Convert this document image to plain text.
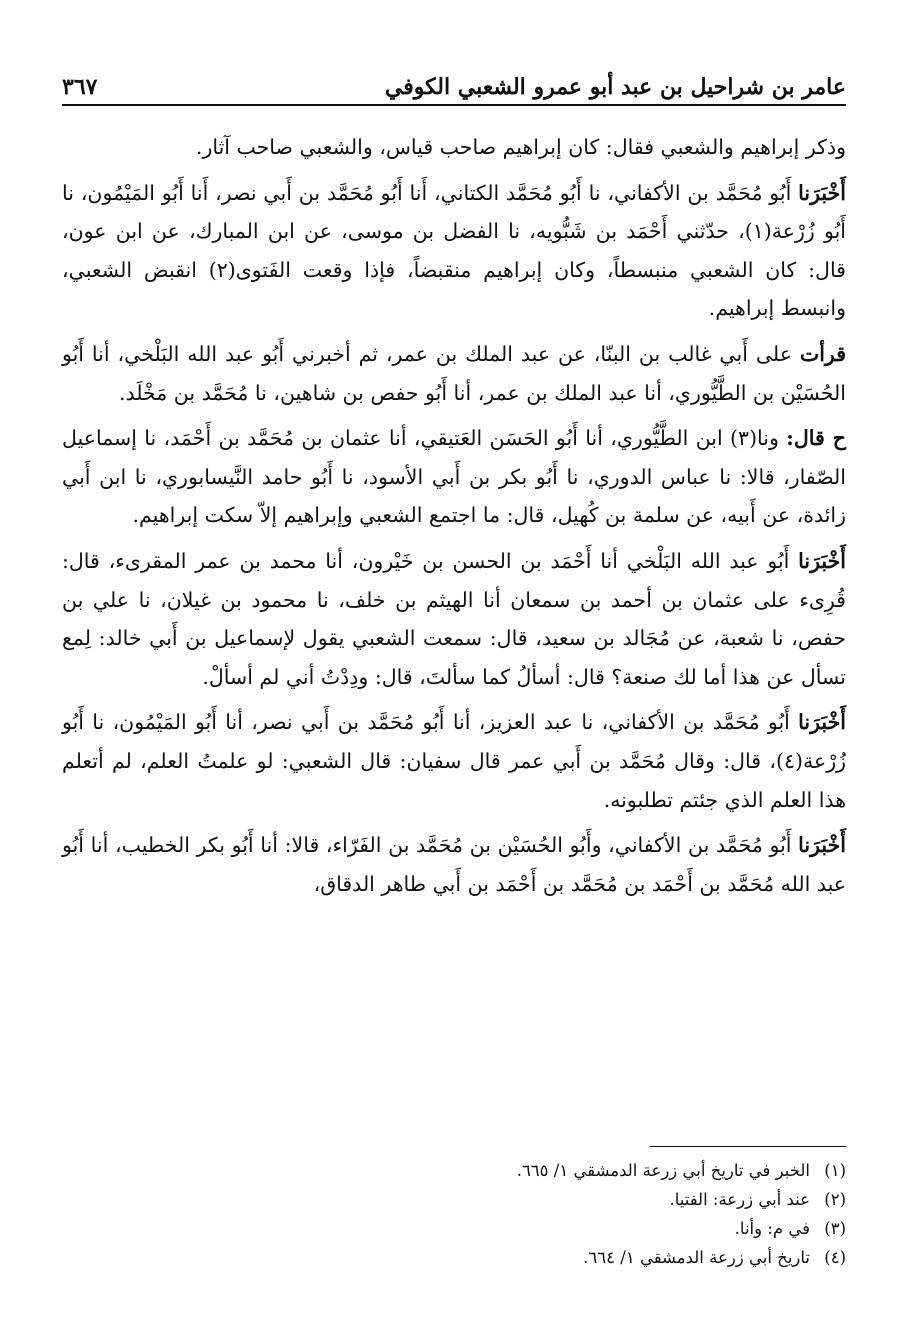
عامر بن شراحيل بن عبد أبو عمرو الشعبي الكوفي
٣٦٧

وذكر إبراهيم والشعبي فقال: كان إبراهيم صاحب قياس، والشعبي صاحب آثار.

أَخْبَرَنا أَبُو مُحَمَّد بن الأكفاني، نا أَبُو مُحَمَّد الكتاني، أَنا أَبُو مُحَمَّد بن أَبي نصر، أَنا أَبُو المَيْمُون، نا أَبُو زُرْعة(١)، حدّثني أَحْمَد بن شَبُّويه، نا الفضل بن موسى، عن ابن المبارك، عن ابن عون، قال: كان الشعبي منبسطاً، وكان إبراهيم منقبضاً، فإذا وقعت الفَتوى(٢) انقبض الشعبي، وانبسط إبراهيم.

قرأت على أَبي غالب بن البنّا، عن عبد الملك بن عمر، ثم أخبرني أَبُو عبد الله البَلْخي، أنا أَبُو الحُسَيْن بن الطَّيُّوري، أنا عبد الملك بن عمر، أنا أَبُو حفص بن شاهين، نا مُحَمَّد بن مَخْلَد.

ح قال: ونا(٣) ابن الطَّيُّوري، أنا أَبُو الحَسَن العَتيقي، أنا عثمان بن مُحَمَّد بن أَحْمَد، نا إسماعيل الصّفار، قالا: نا عباس الدوري، نا أَبُو بكر بن أَبي الأسود، نا أَبُو حامد النَّيسابوري، نا ابن أَبي زائدة، عن أَبيه، عن سلمة بن كُهيل، قال: ما اجتمع الشعبي وإبراهيم إلاّ سكت إبراهيم.

أَخْبَرَنا أَبُو عبد الله البَلْخي أنا أَحْمَد بن الحسن بن خَيْرون، أنا محمد بن عمر المقرىء، قال: قُرِىء على عثمان بن أحمد بن سمعان أنا الهيثم بن خلف، نا محمود بن غيلان، نا علي بن حفص، نا شعبة، عن مُجَالد بن سعيد، قال: سمعت الشعبي يقول لإسماعيل بن أَبي خالد: لِمع تسأل عن هذا أما لك صنعة؟ قال: أسألُ كما سألتَ، قال: ودِدْتُ أني لم أسألْ.

أَخْبَرَنا أَبُو مُحَمَّد بن الأكفاني، نا عبد العزيز، أنا أَبُو مُحَمَّد بن أَبي نصر، أنا أَبُو المَيْمُون، نا أَبُو زُرْعة(٤)، قال: وقال مُحَمَّد بن أَبي عمر قال سفيان: قال الشعبي: لو علمتُ العلم، لم أتعلم هذا العلم الذي جئتم تطلبونه.

أَخْبَرَنا أَبُو مُحَمَّد بن الأكفاني، وأَبُو الحُسَيْن بن مُحَمَّد بن الفَرّاء، قالا: أنا أَبُو بكر الخطيب، أنا أَبُو عبد الله مُحَمَّد بن أَحْمَد بن مُحَمَّد بن أَحْمَد بن أَبي طاهر الدقاق،

(١)
الخبر في تاريخ أبي زرعة الدمشقي ١/ ٦٦٥.
(٢)
عند أبي زرعة: الفتيا.
(٣)
في م: وأنا.
(٤)
تاريخ أبي زرعة الدمشقي ١/ ٦٦٤.
